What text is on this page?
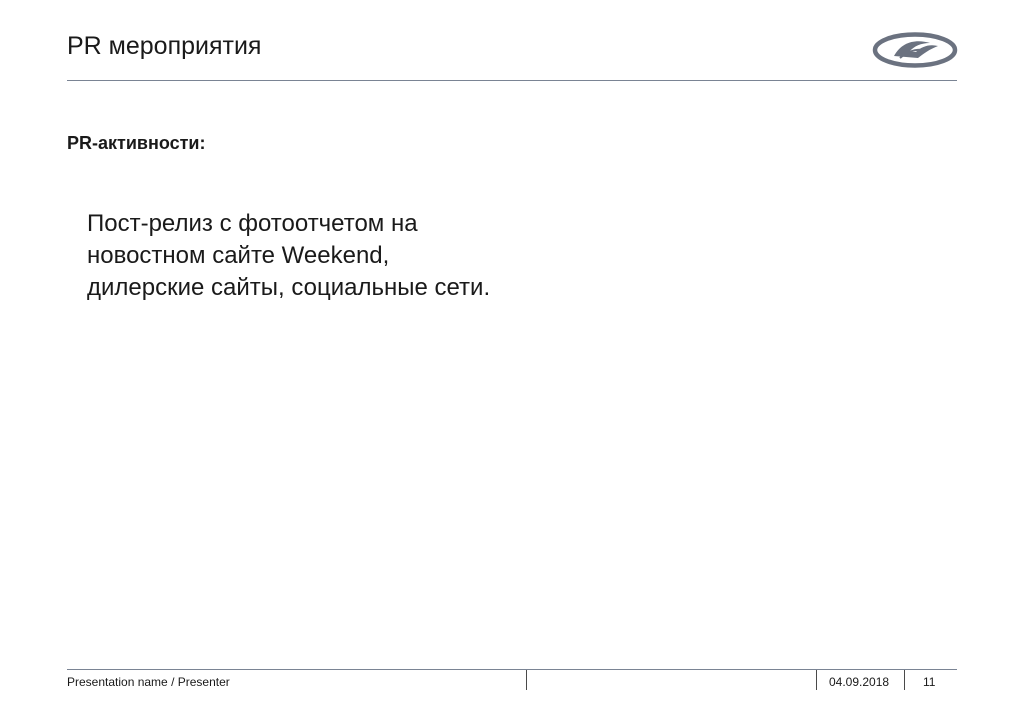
PR мероприятия
PR-активности:
Пост-релиз с фотоотчетом на
новостном сайте Weekend,
дилерские сайты, социальные сети.
Presentation name / Presenter	04.09.2018	11
